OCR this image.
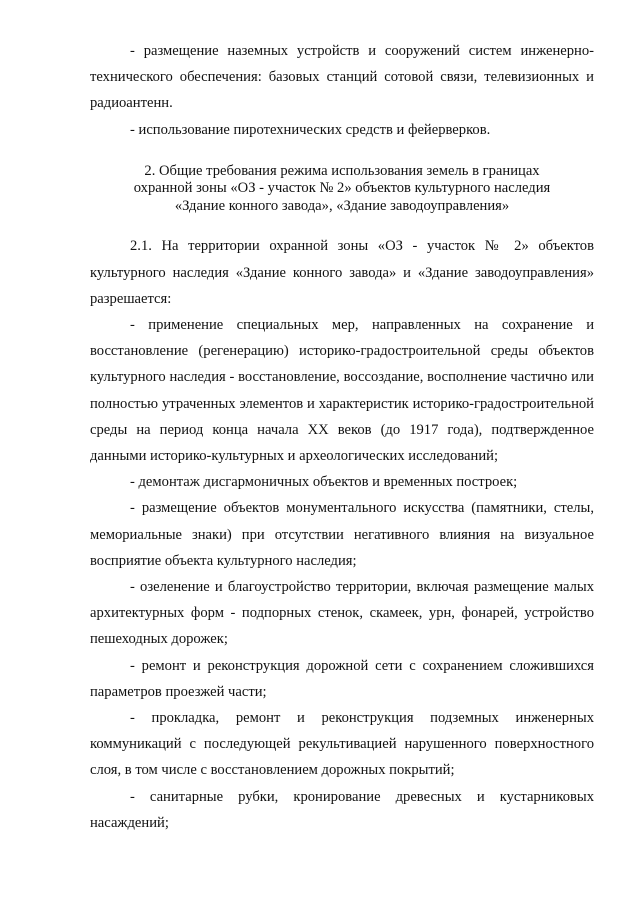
- размещение наземных устройств и сооружений систем инженерно-технического обеспечения: базовых станций сотовой связи, телевизионных и радиоантенн.

- использование пиротехнических средств и фейерверков.

2. Общие требования режима использования земель в границах
охранной зоны «ОЗ - участок № 2» объектов культурного наследия
«Здание конного завода», «Здание заводоуправления»

2.1. На территории охранной зоны «ОЗ - участок № 2» объектов культурного наследия «Здание конного завода» и «Здание заводоуправления» разрешается:

- применение специальных мер, направленных на сохранение и восстановление (регенерацию) историко-градостроительной среды объектов культурного наследия - восстановление, воссоздание, восполнение частично или полностью утраченных элементов и характеристик историко-градостроительной среды на период конца начала XX веков (до 1917 года), подтвержденное данными историко-культурных и археологических исследований;

- демонтаж дисгармоничных объектов и временных построек;

- размещение объектов монументального искусства (памятники, стелы, мемориальные знаки) при отсутствии негативного влияния на визуальное восприятие объекта культурного наследия;

- озеленение и благоустройство территории, включая размещение малых архитектурных форм - подпорных стенок, скамеек, урн, фонарей, устройство пешеходных дорожек;

- ремонт и реконструкция дорожной сети с сохранением сложившихся параметров проезжей части;

- прокладка, ремонт и реконструкция подземных инженерных коммуникаций с последующей рекультивацией нарушенного поверхностного слоя, в том числе с восстановлением дорожных покрытий;

- санитарные рубки, кронирование древесных и кустарниковых насаждений;
